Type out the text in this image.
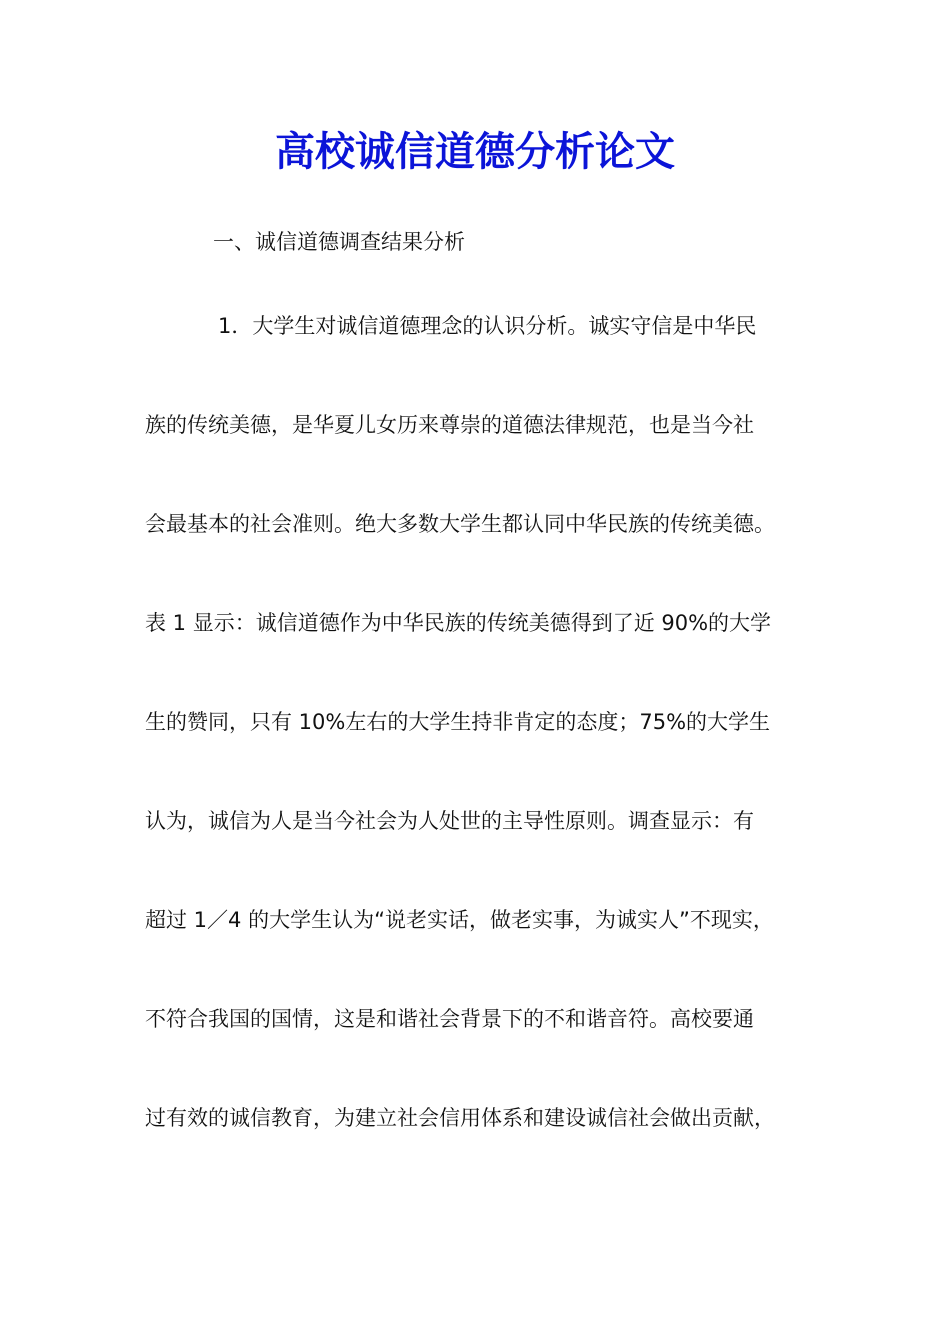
高校诚信道德分析论文

一、诚信道德调查结果分析

1．大学生对诚信道德理念的认识分析。诚实守信是中华民
族的传统美德，是华夏儿女历来尊崇的道德法律规范，也是当今社
会最基本的社会准则。绝大多数大学生都认同中华民族的传统美德。
表 1 显示：诚信道德作为中华民族的传统美德得到了近 90%的大学
生的赞同，只有 10%左右的大学生持非肯定的态度；75%的大学生
认为，诚信为人是当今社会为人处世的主导性原则。调查显示：有
超过 1／4 的大学生认为“说老实话，做老实事，为诚实人”不现实，
不符合我国的国情，这是和谐社会背景下的不和谐音符。高校要通
过有效的诚信教育，为建立社会信用体系和建设诚信社会做出贡献，
